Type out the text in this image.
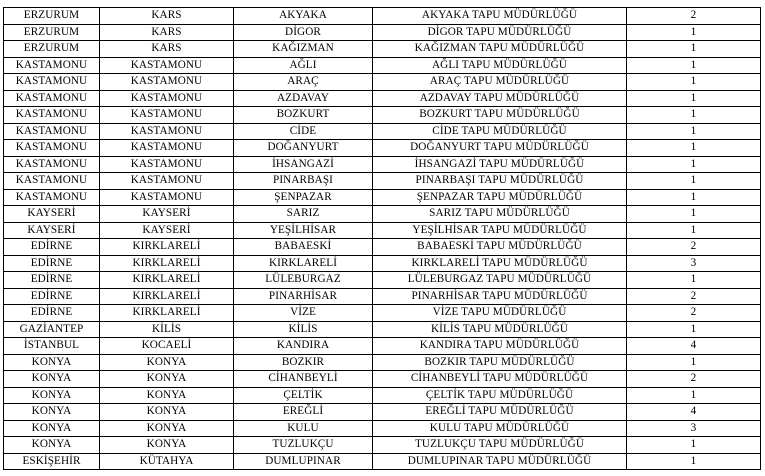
ERZURUM	KARS	AKYAKA	AKYAKA TAPU MÜDÜRLÜĞÜ	2
ERZURUM	KARS	DİGOR	DİGOR TAPU MÜDÜRLÜĞÜ	1
ERZURUM	KARS	KAĞIZMAN	KAĞIZMAN TAPU MÜDÜRLÜĞÜ	1
KASTAMONU	KASTAMONU	AĞLI	AĞLI TAPU MÜDÜRLÜĞÜ	1
KASTAMONU	KASTAMONU	ARAÇ	ARAÇ TAPU MÜDÜRLÜĞÜ	1
KASTAMONU	KASTAMONU	AZDAVAY	AZDAVAY TAPU MÜDÜRLÜĞÜ	1
KASTAMONU	KASTAMONU	BOZKURT	BOZKURT TAPU MÜDÜRLÜĞÜ	1
KASTAMONU	KASTAMONU	CİDE	CİDE TAPU MÜDÜRLÜĞÜ	1
KASTAMONU	KASTAMONU	DOĞANYURT	DOĞANYURT TAPU MÜDÜRLÜĞÜ	1
KASTAMONU	KASTAMONU	İHSANGAZİ	İHSANGAZİ TAPU MÜDÜRLÜĞÜ	1
KASTAMONU	KASTAMONU	PINARBAŞI	PINARBAŞI TAPU MÜDÜRLÜĞÜ	1
KASTAMONU	KASTAMONU	ŞENPAZAR	ŞENPAZAR TAPU MÜDÜRLÜĞÜ	1
KAYSERİ	KAYSERİ	SARIZ	SARIZ TAPU MÜDÜRLÜĞÜ	1
KAYSERİ	KAYSERİ	YEŞİLHİSAR	YEŞİLHİSAR TAPU MÜDÜRLÜĞÜ	1
EDİRNE	KIRKLARELİ	BABAESKİ	BABAESKİ TAPU MÜDÜRLÜĞÜ	2
EDİRNE	KIRKLARELİ	KIRKLARELİ	KIRKLARELİ TAPU MÜDÜRLÜĞÜ	3
EDİRNE	KIRKLARELİ	LÜLEBURGAZ	LÜLEBURGAZ TAPU MÜDÜRLÜĞÜ	1
EDİRNE	KIRKLARELİ	PINARHİSAR	PINARHİSAR TAPU MÜDÜRLÜĞÜ	2
EDİRNE	KIRKLARELİ	VİZE	VİZE TAPU MÜDÜRLÜĞÜ	2
GAZİANTEP	KİLİS	KİLİS	KİLİS TAPU MÜDÜRLÜĞÜ	1
İSTANBUL	KOCAELİ	KANDIRA	KANDIRA TAPU MÜDÜRLÜĞÜ	4
KONYA	KONYA	BOZKIR	BOZKIR TAPU MÜDÜRLÜĞÜ	1
KONYA	KONYA	CİHANBEYLİ	CİHANBEYLİ TAPU MÜDÜRLÜĞÜ	2
KONYA	KONYA	ÇELTİK	ÇELTİK TAPU MÜDÜRLÜĞÜ	1
KONYA	KONYA	EREĞLİ	EREĞLİ TAPU MÜDÜRLÜĞÜ	4
KONYA	KONYA	KULU	KULU TAPU MÜDÜRLÜĞÜ	3
KONYA	KONYA	TUZLUKÇU	TUZLUKÇU TAPU MÜDÜRLÜĞÜ	1
ESKİŞEHİR	KÜTAHYA	DUMLUPINAR	DUMLUPINAR TAPU MÜDÜRLÜĞÜ	1
